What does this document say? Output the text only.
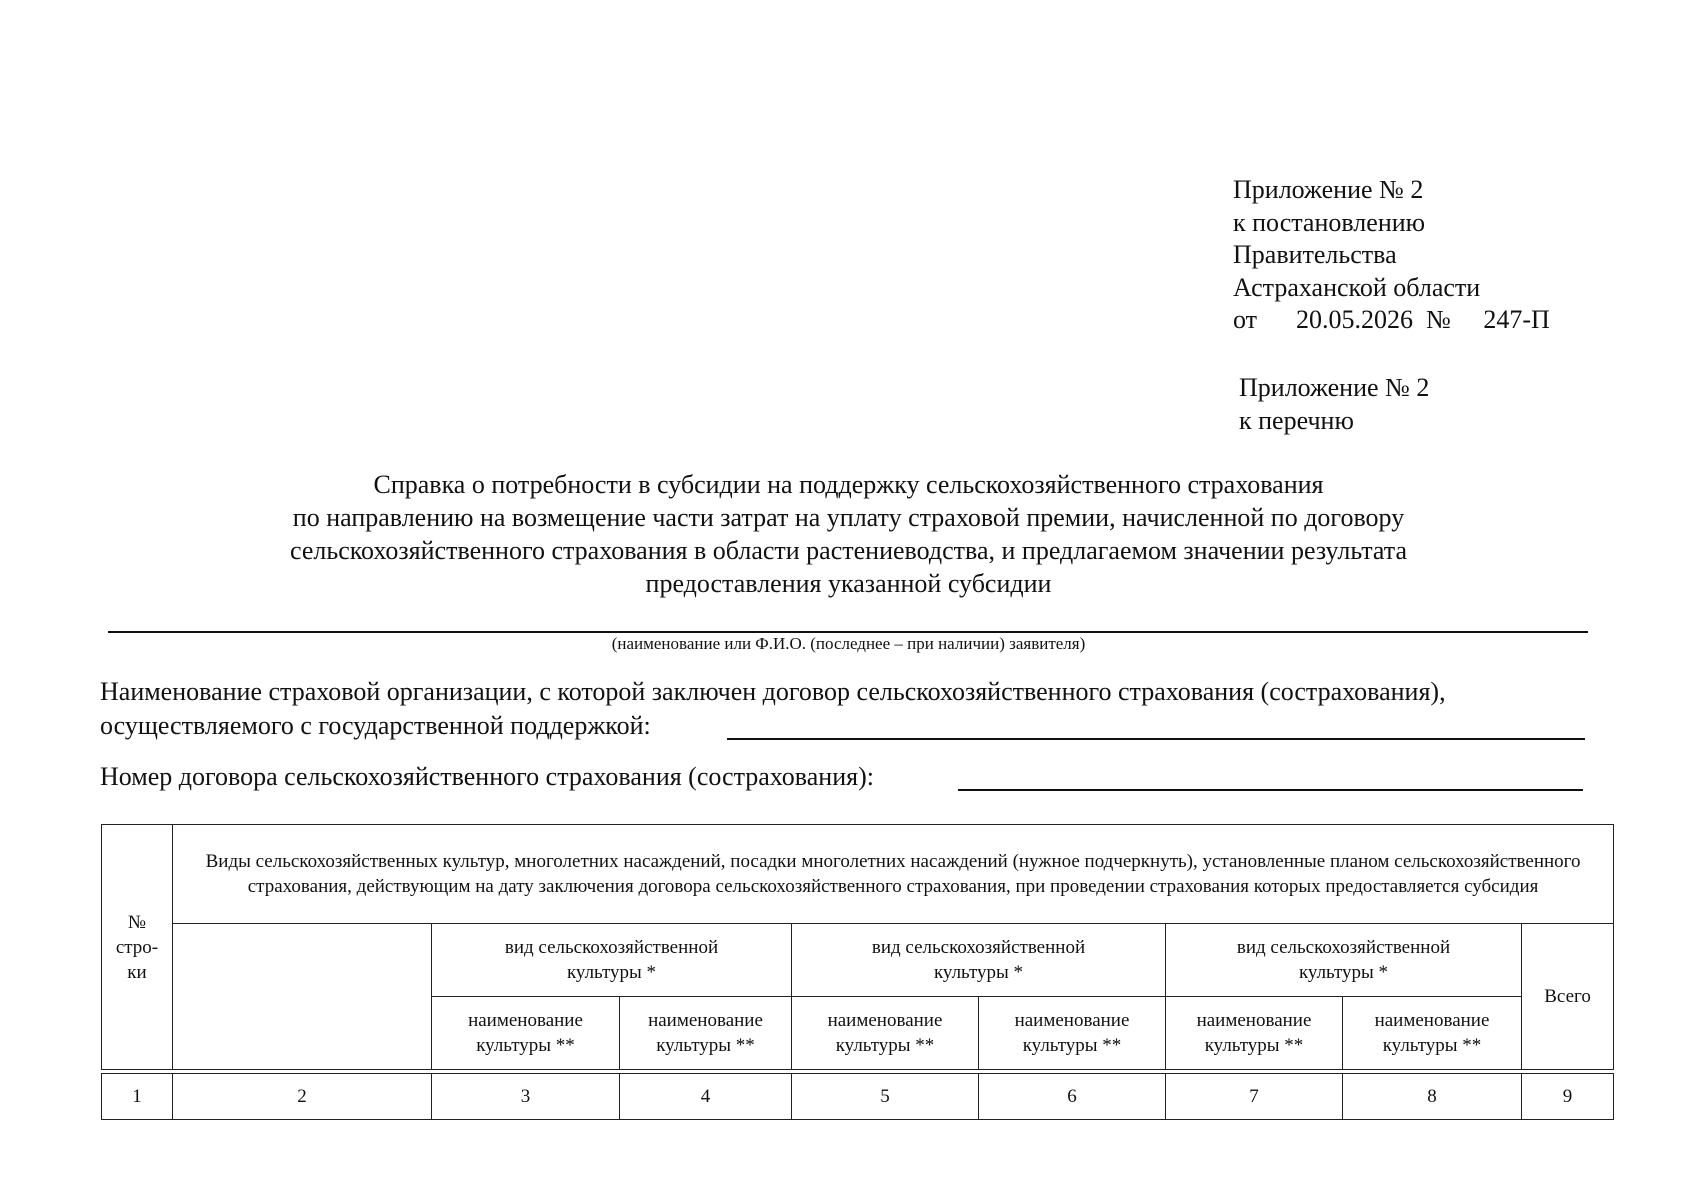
Приложение № 2
к постановлению
Правительства
Астраханской области
от      20.05.2026  №     247-П
Приложение № 2
к перечню
Справка о потребности в субсидии на поддержку сельскохозяйственного страхования
по направлению на возмещение части затрат на уплату страховой премии, начисленной по договору
сельскохозяйственного страхования в области растениеводства, и предлагаемом значении результата
предоставления указанной субсидии
(наименование или Ф.И.О. (последнее – при наличии) заявителя)
Наименование страховой организации, с которой заключен договор сельскохозяйственного страхования (сострахования),
осуществляемого с государственной поддержкой:
Номер договора сельскохозяйственного страхования (сострахования):
№ стро-ки	Виды сельскохозяйственных культур, многолетних насаждений, посадки многолетних насаждений (нужное подчеркнуть), установленные планом сельскохозяйственного страхования, действующим на дату заключения договора сельскохозяйственного страхования, при проведении страхования которых предоставляется субсидия							

		вид сельскохозяйственной культуры *		вид сельскохозяйственной культуры *		вид сельскохозяйственной культуры *		Всего

		наименование культуры **	наименование культуры **	наименование культуры **	наименование культуры **	наименование культуры **	наименование культуры **	
1	2	3	4	5	6	7	8	9
